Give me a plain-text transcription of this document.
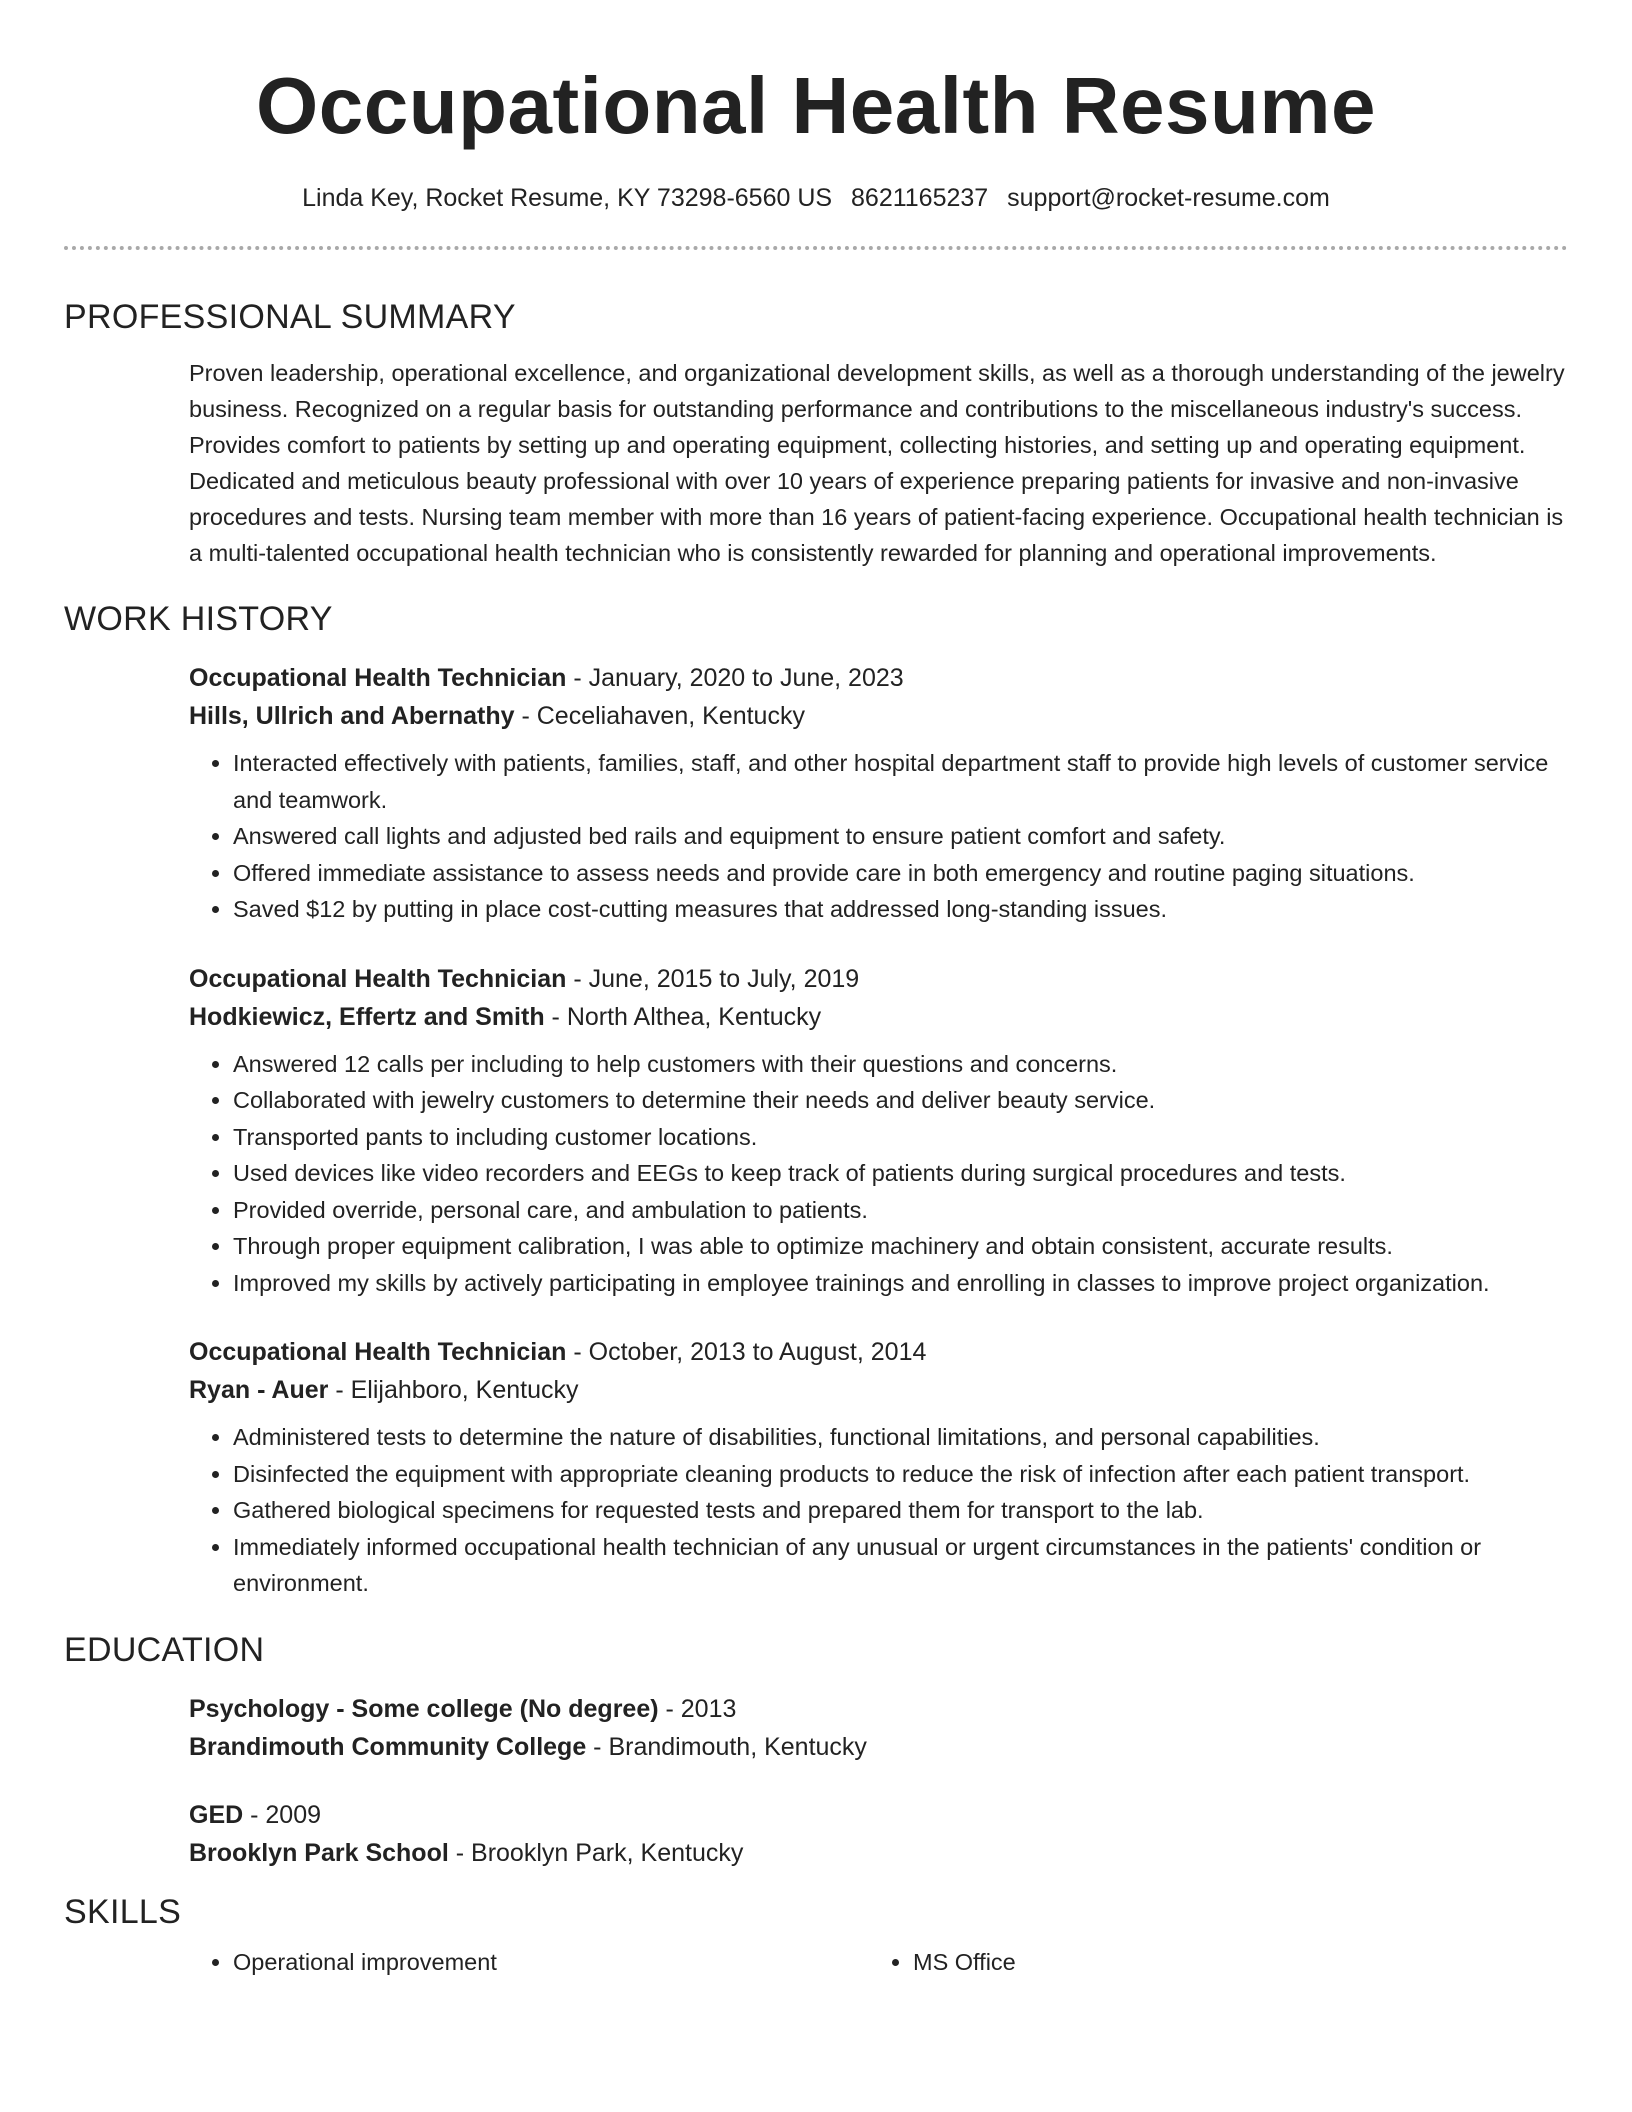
Occupational Health Resume
Linda Key, Rocket Resume, KY 73298-6560 US 8621165237 support@rocket-resume.com
PROFESSIONAL SUMMARY

Proven leadership, operational excellence, and organizational development skills, as well as a thorough understanding of the jewelry business. Recognized on a regular basis for outstanding performance and contributions to the miscellaneous industry's success. Provides comfort to patients by setting up and operating equipment, collecting histories, and setting up and operating equipment. Dedicated and meticulous beauty professional with over 10 years of experience preparing patients for invasive and non-invasive procedures and tests. Nursing team member with more than 16 years of patient-facing experience. Occupational health technician is a multi-talented occupational health technician who is consistently rewarded for planning and operational improvements.

WORK HISTORY
Occupational Health Technician - January, 2020 to June, 2023
Hills, Ullrich and Abernathy - Ceceliahaven, Kentucky
• Interacted effectively with patients, families, staff, and other hospital department staff to provide high levels of customer service and teamwork.
• Answered call lights and adjusted bed rails and equipment to ensure patient comfort and safety.
• Offered immediate assistance to assess needs and provide care in both emergency and routine paging situations.
• Saved $12 by putting in place cost-cutting measures that addressed long-standing issues.
Occupational Health Technician - June, 2015 to July, 2019
Hodkiewicz, Effertz and Smith - North Althea, Kentucky
• Answered 12 calls per including to help customers with their questions and concerns.
• Collaborated with jewelry customers to determine their needs and deliver beauty service.
• Transported pants to including customer locations.
• Used devices like video recorders and EEGs to keep track of patients during surgical procedures and tests.
• Provided override, personal care, and ambulation to patients.
• Through proper equipment calibration, I was able to optimize machinery and obtain consistent, accurate results.
• Improved my skills by actively participating in employee trainings and enrolling in classes to improve project organization.
Occupational Health Technician - October, 2013 to August, 2014
Ryan - Auer - Elijahboro, Kentucky
• Administered tests to determine the nature of disabilities, functional limitations, and personal capabilities.
• Disinfected the equipment with appropriate cleaning products to reduce the risk of infection after each patient transport.
• Gathered biological specimens for requested tests and prepared them for transport to the lab.
• Immediately informed occupational health technician of any unusual or urgent circumstances in the patients' condition or environment.
EDUCATION
Psychology - Some college (No degree) - 2013
Brandimouth Community College - Brandimouth, Kentucky
GED - 2009
Brooklyn Park School - Brooklyn Park, Kentucky
SKILLS
• Operational improvement
•	MS Office
